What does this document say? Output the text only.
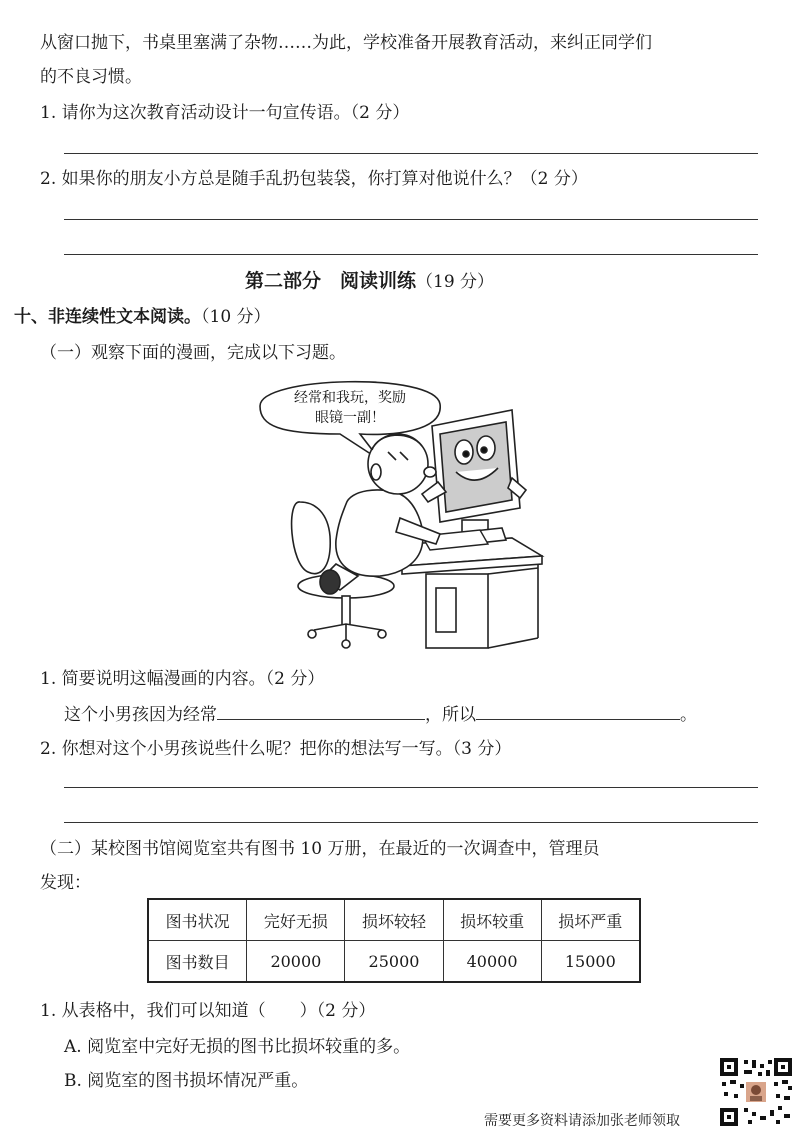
从窗口抛下，书桌里塞满了杂物……为此，学校准备开展教育活动，来纠正同学们
的不良习惯。
1. 请你为这次教育活动设计一句宣传语。（2 分）
2. 如果你的朋友小方总是随手乱扔包装袋，你打算对他说什么？（2 分）
第二部分　阅读训练（19 分）
十、非连续性文本阅读。（10 分）
（一）观察下面的漫画，完成以下习题。
经常和我玩，奖励
眼镜一副！
1. 简要说明这幅漫画的内容。（2 分）
这个小男孩因为经常	，所以	。
2. 你想对这个小男孩说些什么呢？把你的想法写一写。（3 分）
（二）某校图书馆阅览室共有图书 10 万册，在最近的一次调查中，管理员
发现：
图书状况	完好无损	损坏较轻	损坏较重	损坏严重
图书数目	20000	25000	40000	15000
1. 从表格中，我们可以知道（　　）（2 分）
A. 阅览室中完好无损的图书比损坏较重的多。
B. 阅览室的图书损坏情况严重。
需要更多资料请添加张老师领取
